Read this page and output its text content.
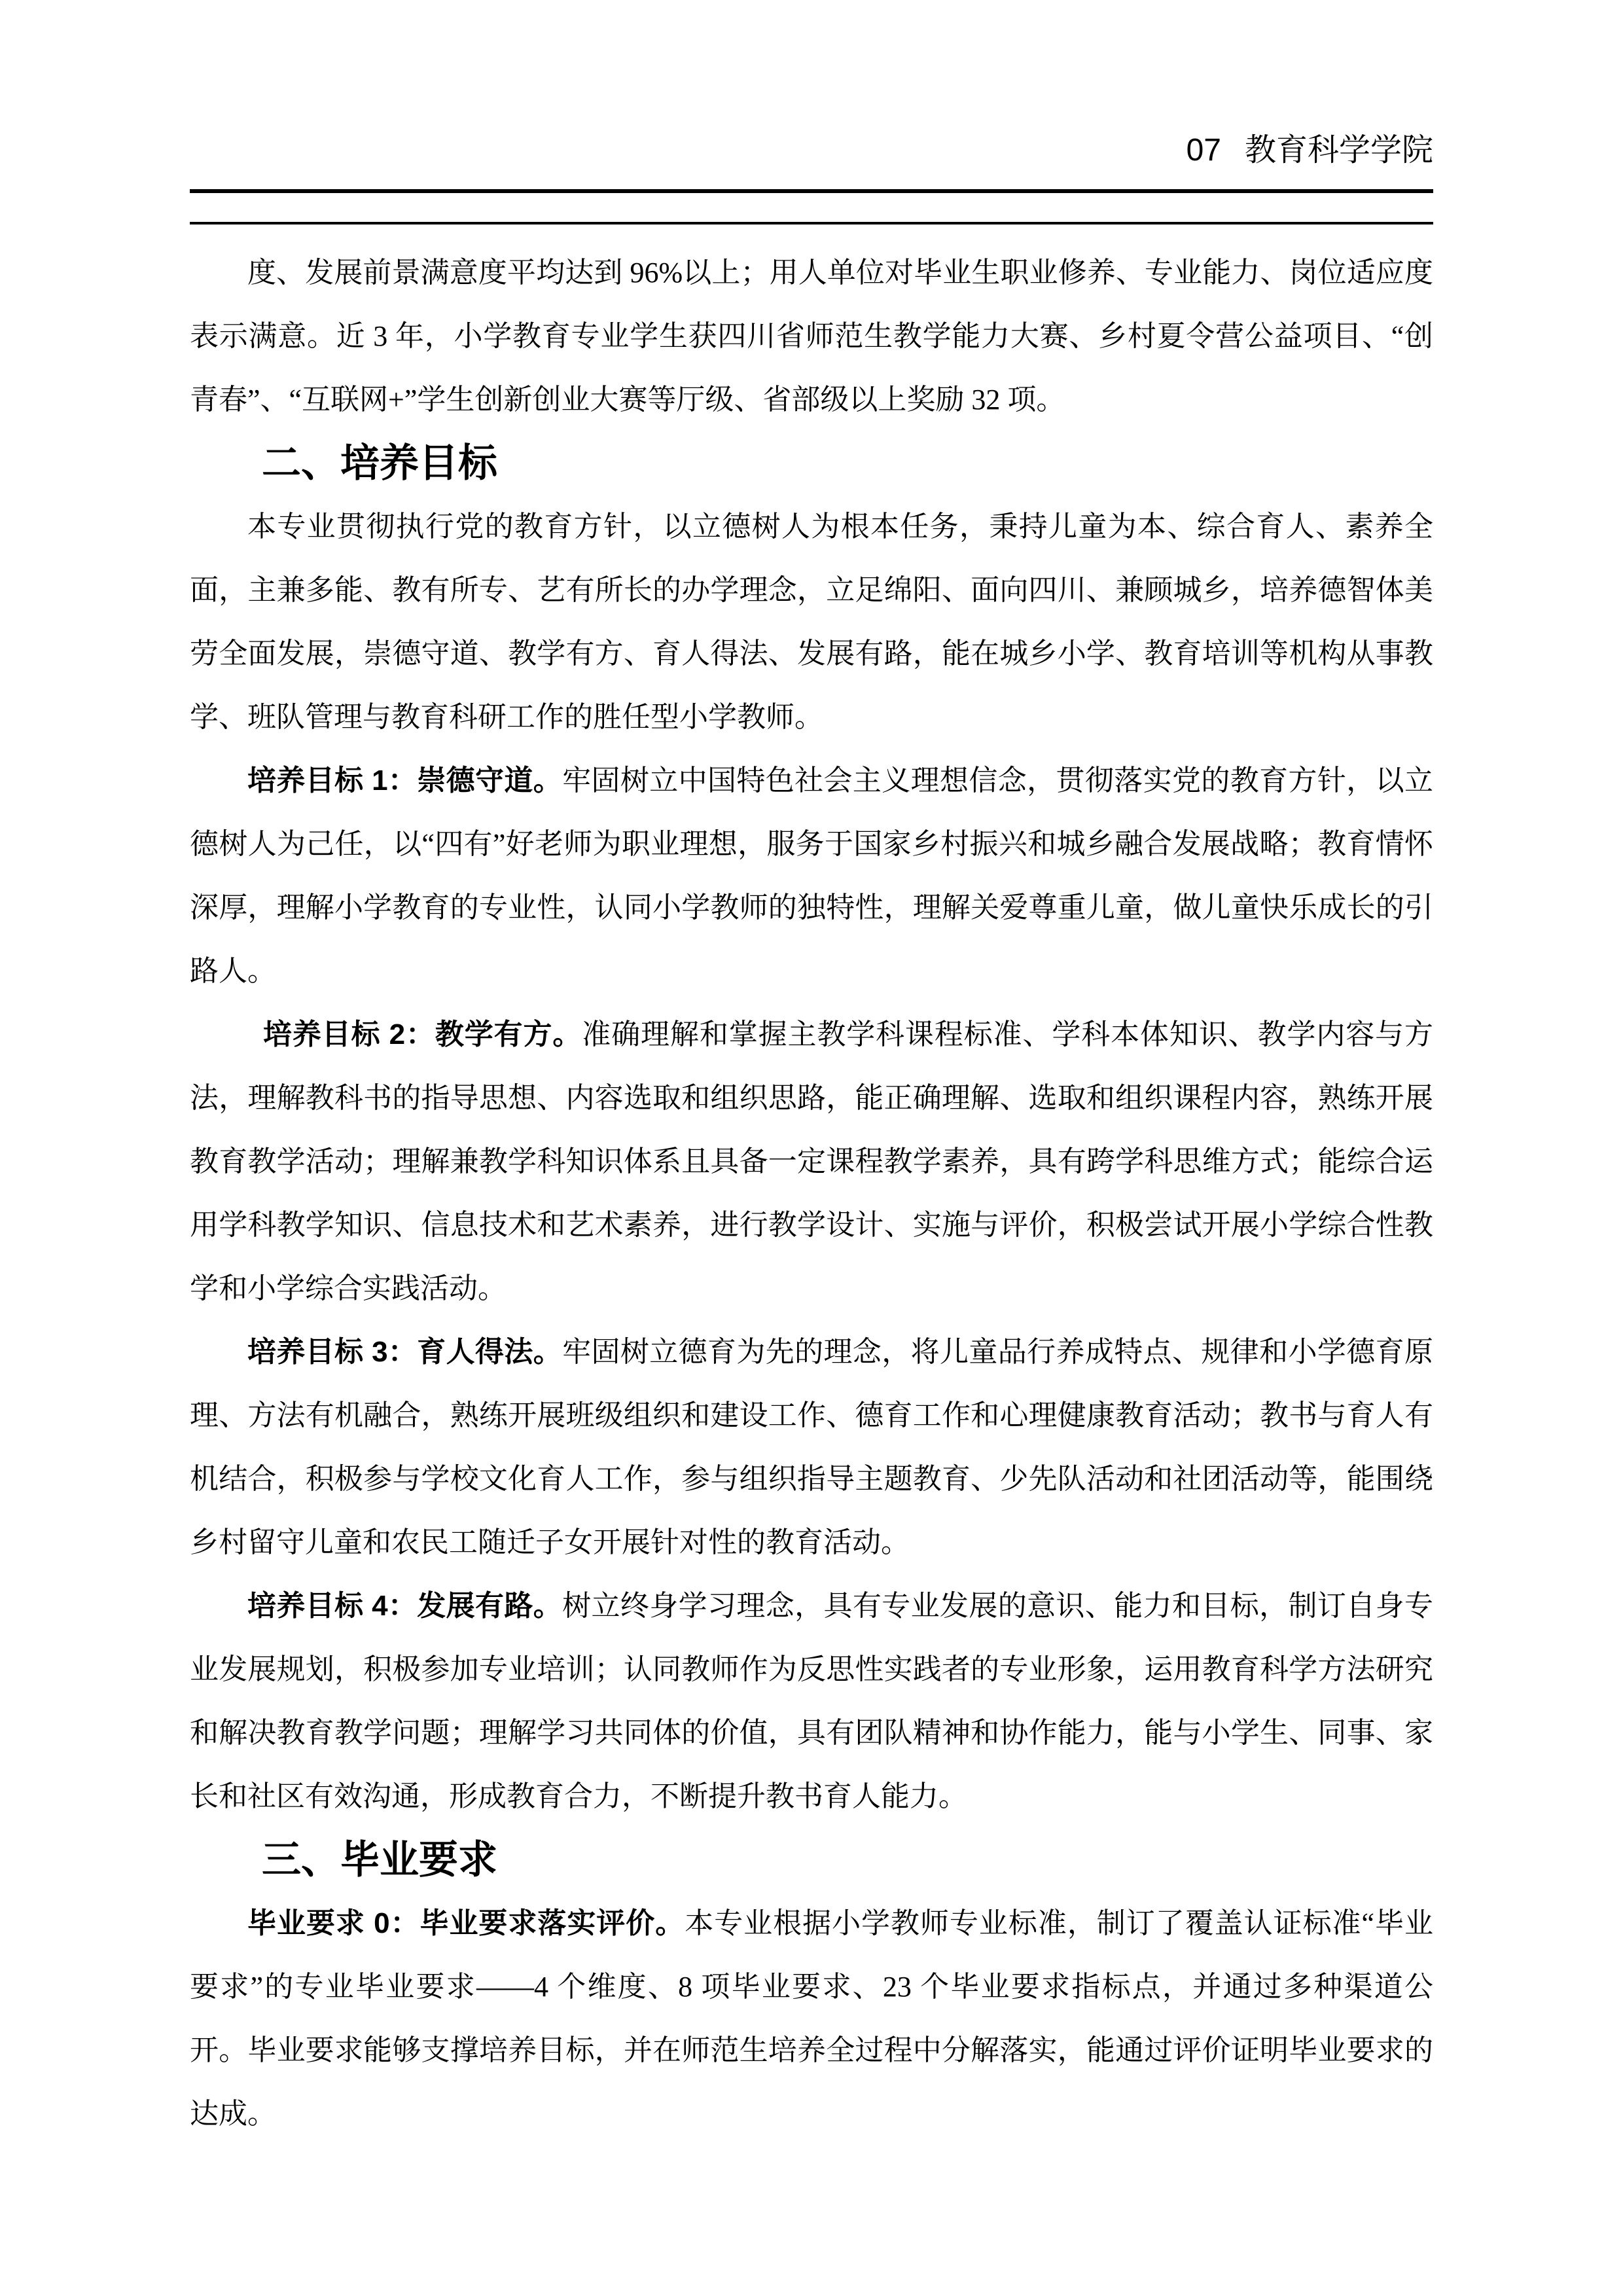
07 教育科学学院

度、发展前景满意度平均达到 96%以上；用人单位对毕业生职业修养、专业能力、岗位适应度表示满意。近 3 年，小学教育专业学生获四川省师范生教学能力大赛、乡村夏令营公益项目、“创青春”、“互联网+”学生创新创业大赛等厅级、省部级以上奖励 32 项。

二、培养目标

本专业贯彻执行党的教育方针，以立德树人为根本任务，秉持儿童为本、综合育人、素养全面，主兼多能、教有所专、艺有所长的办学理念，立足绵阳、面向四川、兼顾城乡，培养德智体美劳全面发展，崇德守道、教学有方、育人得法、发展有路，能在城乡小学、教育培训等机构从事教学、班队管理与教育科研工作的胜任型小学教师。

培养目标 1：崇德守道。牢固树立中国特色社会主义理想信念，贯彻落实党的教育方针，以立德树人为己任，以“四有”好老师为职业理想，服务于国家乡村振兴和城乡融合发展战略；教育情怀深厚，理解小学教育的专业性，认同小学教师的独特性，理解关爱尊重儿童，做儿童快乐成长的引路人。

培养目标 2：教学有方。准确理解和掌握主教学科课程标准、学科本体知识、教学内容与方法，理解教科书的指导思想、内容选取和组织思路，能正确理解、选取和组织课程内容，熟练开展教育教学活动；理解兼教学科知识体系且具备一定课程教学素养，具有跨学科思维方式；能综合运用学科教学知识、信息技术和艺术素养，进行教学设计、实施与评价，积极尝试开展小学综合性教学和小学综合实践活动。

培养目标 3：育人得法。牢固树立德育为先的理念，将儿童品行养成特点、规律和小学德育原理、方法有机融合，熟练开展班级组织和建设工作、德育工作和心理健康教育活动；教书与育人有机结合，积极参与学校文化育人工作，参与组织指导主题教育、少先队活动和社团活动等，能围绕乡村留守儿童和农民工随迁子女开展针对性的教育活动。

培养目标 4：发展有路。树立终身学习理念，具有专业发展的意识、能力和目标，制订自身专业发展规划，积极参加专业培训；认同教师作为反思性实践者的专业形象，运用教育科学方法研究和解决教育教学问题；理解学习共同体的价值，具有团队精神和协作能力，能与小学生、同事、家长和社区有效沟通，形成教育合力，不断提升教书育人能力。

三、毕业要求

毕业要求 0：毕业要求落实评价。本专业根据小学教师专业标准，制订了覆盖认证标准“毕业要求”的专业毕业要求——4 个维度、8 项毕业要求、23 个毕业要求指标点，并通过多种渠道公开。毕业要求能够支撑培养目标，并在师范生培养全过程中分解落实，能通过评价证明毕业要求的达成。
